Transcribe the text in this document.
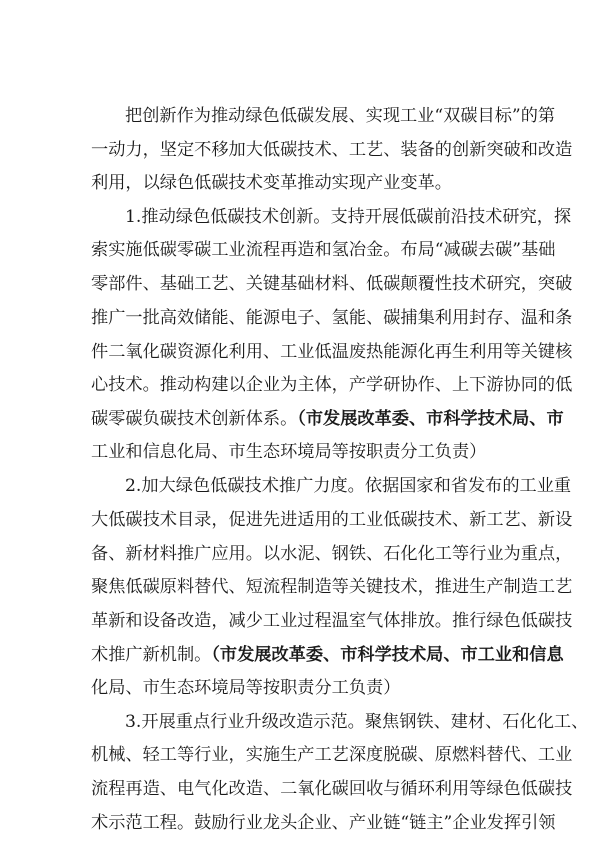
把创新作为推动绿色低碳发展、实现工业“双碳目标”的第
一动力，坚定不移加大低碳技术、工艺、装备的创新突破和改造
利用，以绿色低碳技术变革推动实现产业变革。
1.推动绿色低碳技术创新。支持开展低碳前沿技术研究，探
索实施低碳零碳工业流程再造和氢冶金。布局“减碳去碳”基础
零部件、基础工艺、关键基础材料、低碳颠覆性技术研究，突破
推广一批高效储能、能源电子、氢能、碳捕集利用封存、温和条
件二氧化碳资源化利用、工业低温废热能源化再生利用等关键核
心技术。推动构建以企业为主体，产学研协作、上下游协同的低
碳零碳负碳技术创新体系。（市发展改革委、市科学技术局、市
工业和信息化局、市生态环境局等按职责分工负责）
2.加大绿色低碳技术推广力度。依据国家和省发布的工业重
大低碳技术目录，促进先进适用的工业低碳技术、新工艺、新设
备、新材料推广应用。以水泥、钢铁、石化化工等行业为重点，
聚焦低碳原料替代、短流程制造等关键技术，推进生产制造工艺
革新和设备改造，减少工业过程温室气体排放。推行绿色低碳技
术推广新机制。（市发展改革委、市科学技术局、市工业和信息
化局、市生态环境局等按职责分工负责）
3.开展重点行业升级改造示范。聚焦钢铁、建材、石化化工、
机械、轻工等行业，实施生产工艺深度脱碳、原燃料替代、工业
流程再造、电气化改造、二氧化碳回收与循环利用等绿色低碳技
术示范工程。鼓励行业龙头企业、产业链“链主”企业发挥引领
